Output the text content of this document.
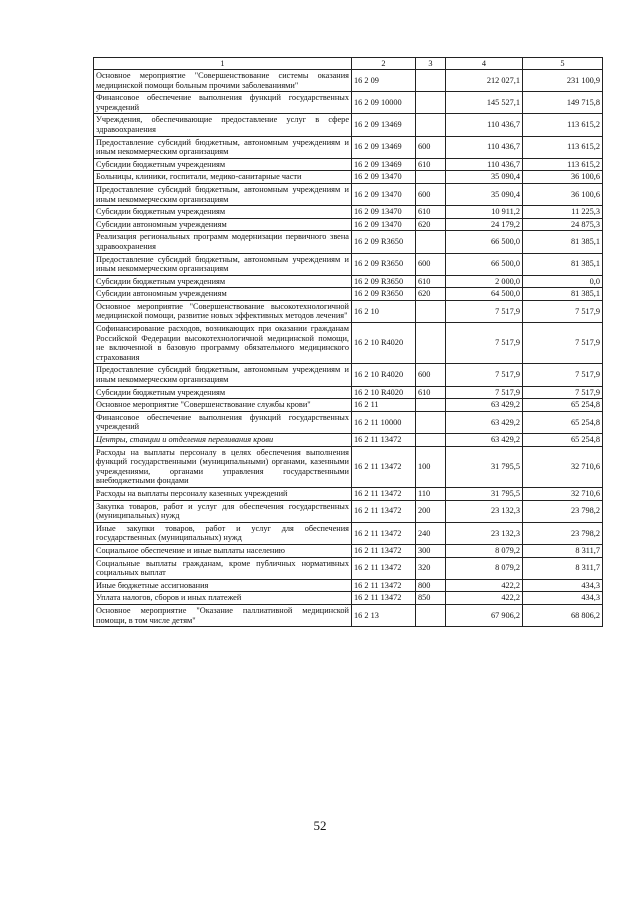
1	2	3	4	5
Основное мероприятие "Совершенствование системы оказания медицинской помощи больным прочими заболеваниями"	16 2 09		212 027,1	231 100,9
Финансовое обеспечение выполнения функций государственных учреждений	16 2 09 10000		145 527,1	149 715,8
Учреждения, обеспечивающие предоставление услуг в сфере здравоохранения	16 2 09 13469		110 436,7	113 615,2
Предоставление субсидий бюджетным, автономным учреждениям и иным некоммерческим организациям	16 2 09 13469	600	110 436,7	113 615,2
Субсидии бюджетным учреждениям	16 2 09 13469	610	110 436,7	113 615,2
Больницы, клиники, госпитали, медико-санитарные части	16 2 09 13470		35 090,4	36 100,6
Предоставление субсидий бюджетным, автономным учреждениям и иным некоммерческим организациям	16 2 09 13470	600	35 090,4	36 100,6
Субсидии бюджетным учреждениям	16 2 09 13470	610	10 911,2	11 225,3
Субсидии автономным учреждениям	16 2 09 13470	620	24 179,2	24 875,3
Реализация региональных программ модернизации первичного звена здравоохранения	16 2 09 R3650		66 500,0	81 385,1
Предоставление субсидий бюджетным, автономным учреждениям и иным некоммерческим организациям	16 2 09 R3650	600	66 500,0	81 385,1
Субсидии бюджетным учреждениям	16 2 09 R3650	610	2 000,0	0,0
Субсидии автономным учреждениям	16 2 09 R3650	620	64 500,0	81 385,1
Основное мероприятие "Совершенствование высокотехнологичной медицинской помощи, развитие новых эффективных методов лечения"	16 2 10		7 517,9	7 517,9
Софинансирование расходов, возникающих при оказании гражданам Российской Федерации высокотехнологичной медицинской помощи, не включенной в базовую программу обязательного медицинского страхования	16 2 10 R4020		7 517,9	7 517,9
Предоставление субсидий бюджетным, автономным учреждениям и иным некоммерческим организациям	16 2 10 R4020	600	7 517,9	7 517,9
Субсидии бюджетным учреждениям	16 2 10 R4020	610	7 517,9	7 517,9
Основное мероприятие "Совершенствование службы крови"	16 2 11		63 429,2	65 254,8
Финансовое обеспечение выполнения функций государственных учреждений	16 2 11 10000		63 429,2	65 254,8
Центры, станции и отделения переливания крови	16 2 11 13472		63 429,2	65 254,8
Расходы на выплаты персоналу в целях обеспечения выполнения функций государственными (муниципальными) органами, казенными учреждениями, органами управления государственными внебюджетными фондами	16 2 11 13472	100	31 795,5	32 710,6
Расходы на выплаты персоналу казенных учреждений	16 2 11 13472	110	31 795,5	32 710,6
Закупка товаров, работ и услуг для обеспечения государственных (муниципальных) нужд	16 2 11 13472	200	23 132,3	23 798,2
Иные закупки товаров, работ и услуг для обеспечения государственных (муниципальных) нужд	16 2 11 13472	240	23 132,3	23 798,2
Социальное обеспечение и иные выплаты населению	16 2 11 13472	300	8 079,2	8 311,7
Социальные выплаты гражданам, кроме публичных нормативных социальных выплат	16 2 11 13472	320	8 079,2	8 311,7
Иные бюджетные ассигнования	16 2 11 13472	800	422,2	434,3
Уплата налогов, сборов и иных платежей	16 2 11 13472	850	422,2	434,3
Основное мероприятие "Оказание паллиативной медицинской помощи, в том числе детям"	16 2 13		67 906,2	68 806,2
52
